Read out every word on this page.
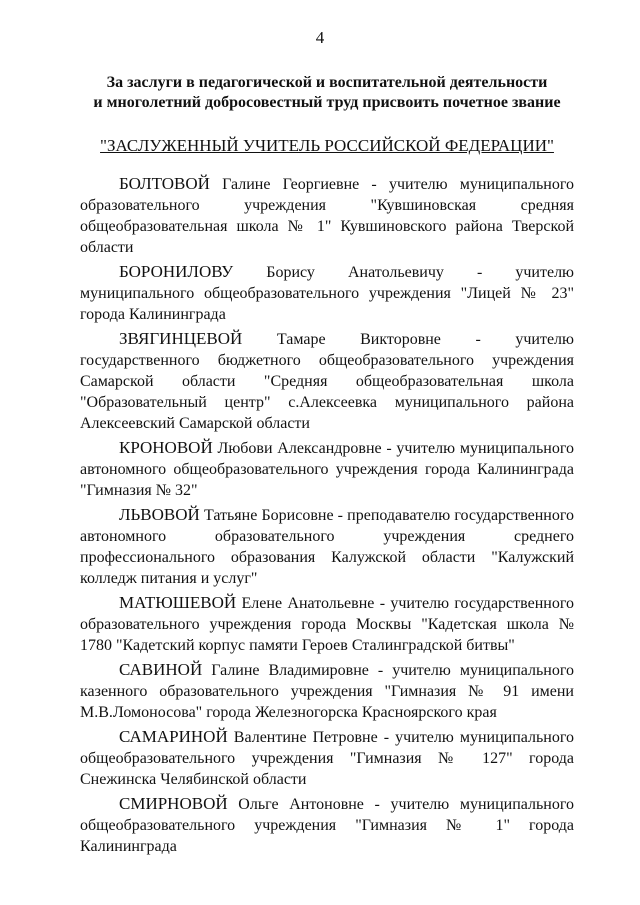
4
За заслуги в педагогической и воспитательной деятельности
и многолетний добросовестный труд присвоить почетное звание
"ЗАСЛУЖЕННЫЙ УЧИТЕЛЬ РОССИЙСКОЙ ФЕДЕРАЦИИ"

БОЛТОВОЙ Галине Георгиевне - учителю муниципального образовательного учреждения "Кувшиновская средняя общеобразовательная школа № 1" Кувшиновского района Тверской области

БОРОНИЛОВУ Борису Анатольевичу - учителю муниципального общеобразовательного учреждения "Лицей № 23" города Калининграда

ЗВЯГИНЦЕВОЙ Тамаре Викторовне - учителю государственного бюджетного общеобразовательного учреждения Самарской области "Средняя общеобразовательная школа "Образовательный центр" с.Алексеевка муниципального района Алексеевский Самарской области

КРОНОВОЙ Любови Александровне - учителю муниципального автономного общеобразовательного учреждения города Калининграда "Гимназия № 32"

ЛЬВОВОЙ Татьяне Борисовне - преподавателю государственного автономного образовательного учреждения среднего профессионального образования Калужской области "Калужский колледж питания и услуг"

МАТЮШЕВОЙ Елене Анатольевне - учителю государственного образовательного учреждения города Москвы "Кадетская школа № 1780 "Кадетский корпус памяти Героев Сталинградской битвы"

САВИНОЙ Галине Владимировне - учителю муниципального казенного образовательного учреждения "Гимназия № 91 имени М.В.Ломоносова" города Железногорска Красноярского края

САМАРИНОЙ Валентине Петровне - учителю муниципального общеобразовательного учреждения "Гимназия № 127" города Снежинска Челябинской области

СМИРНОВОЙ Ольге Антоновне - учителю муниципального общеобразовательного учреждения "Гимназия № 1" города Калининграда
